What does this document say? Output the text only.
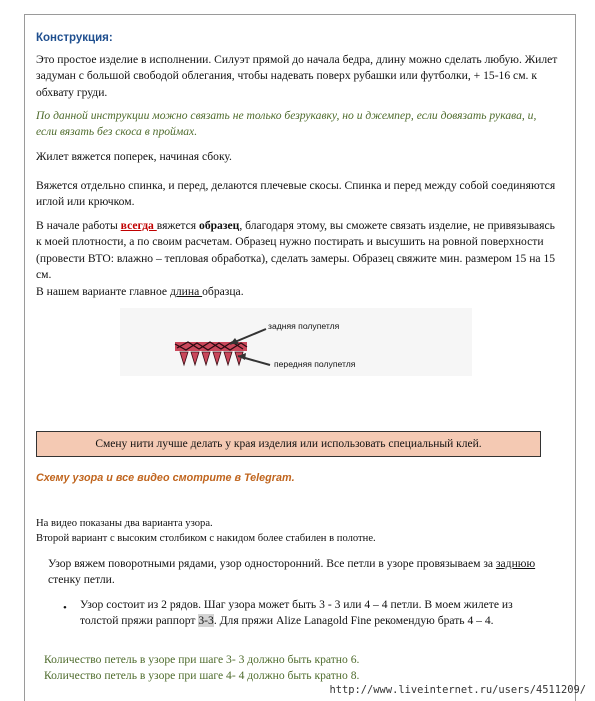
Конструкция:
Это простое изделие в исполнении. Силуэт прямой до начала бедра, длину можно сделать любую. Жилет задуман с большой свободой облегания, чтобы надевать поверх рубашки или футболки, + 15-16 см. к обхвату груди.
По данной инструкции можно связать не только безрукавку, но и джемпер, если довязать рукава, и, если вязать без скоса в проймах.
Жилет вяжется поперек, начиная сбоку.
Вяжется отдельно спинка, и перед, делаются плечевые скосы. Спинка и перед между собой соединяются иглой или крючком.
В начале работы всегда вяжется образец, благодаря этому, вы сможете связать изделие, не привязываясь к моей плотности, а по своим расчетам. Образец нужно постирать и высушить на ровной поверхности (провести ВТО: влажно – тепловая обработка), сделать замеры. Образец свяжите мин. размером 15 на 15 см.
В нашем варианте главное длина образца.
задняя полупетля
передняя полупетля
Смену нити лучше делать у края изделия или использовать специальный клей.
Схему узора и все видео смотрите в Telegram.
На видео показаны два варианта узора.
Второй вариант с высоким столбиком с накидом более стабилен в полотне.
Узор вяжем поворотными рядами, узор односторонний. Все петли в узоре провязываем за заднюю стенку петли.
• Узор состоит из 2 рядов. Шаг узора может быть 3 - 3 или 4 – 4 петли. В моем жилете из толстой пряжи раппорт 3-3. Для пряжи Alize Lanagold Fine рекомендую брать 4 – 4.
Количество петель в узоре при шаге 3- 3 должно быть кратно 6.
Количество петель в узоре при шаге 4- 4 должно быть кратно 8.
http://www.liveinternet.ru/users/4511209/
